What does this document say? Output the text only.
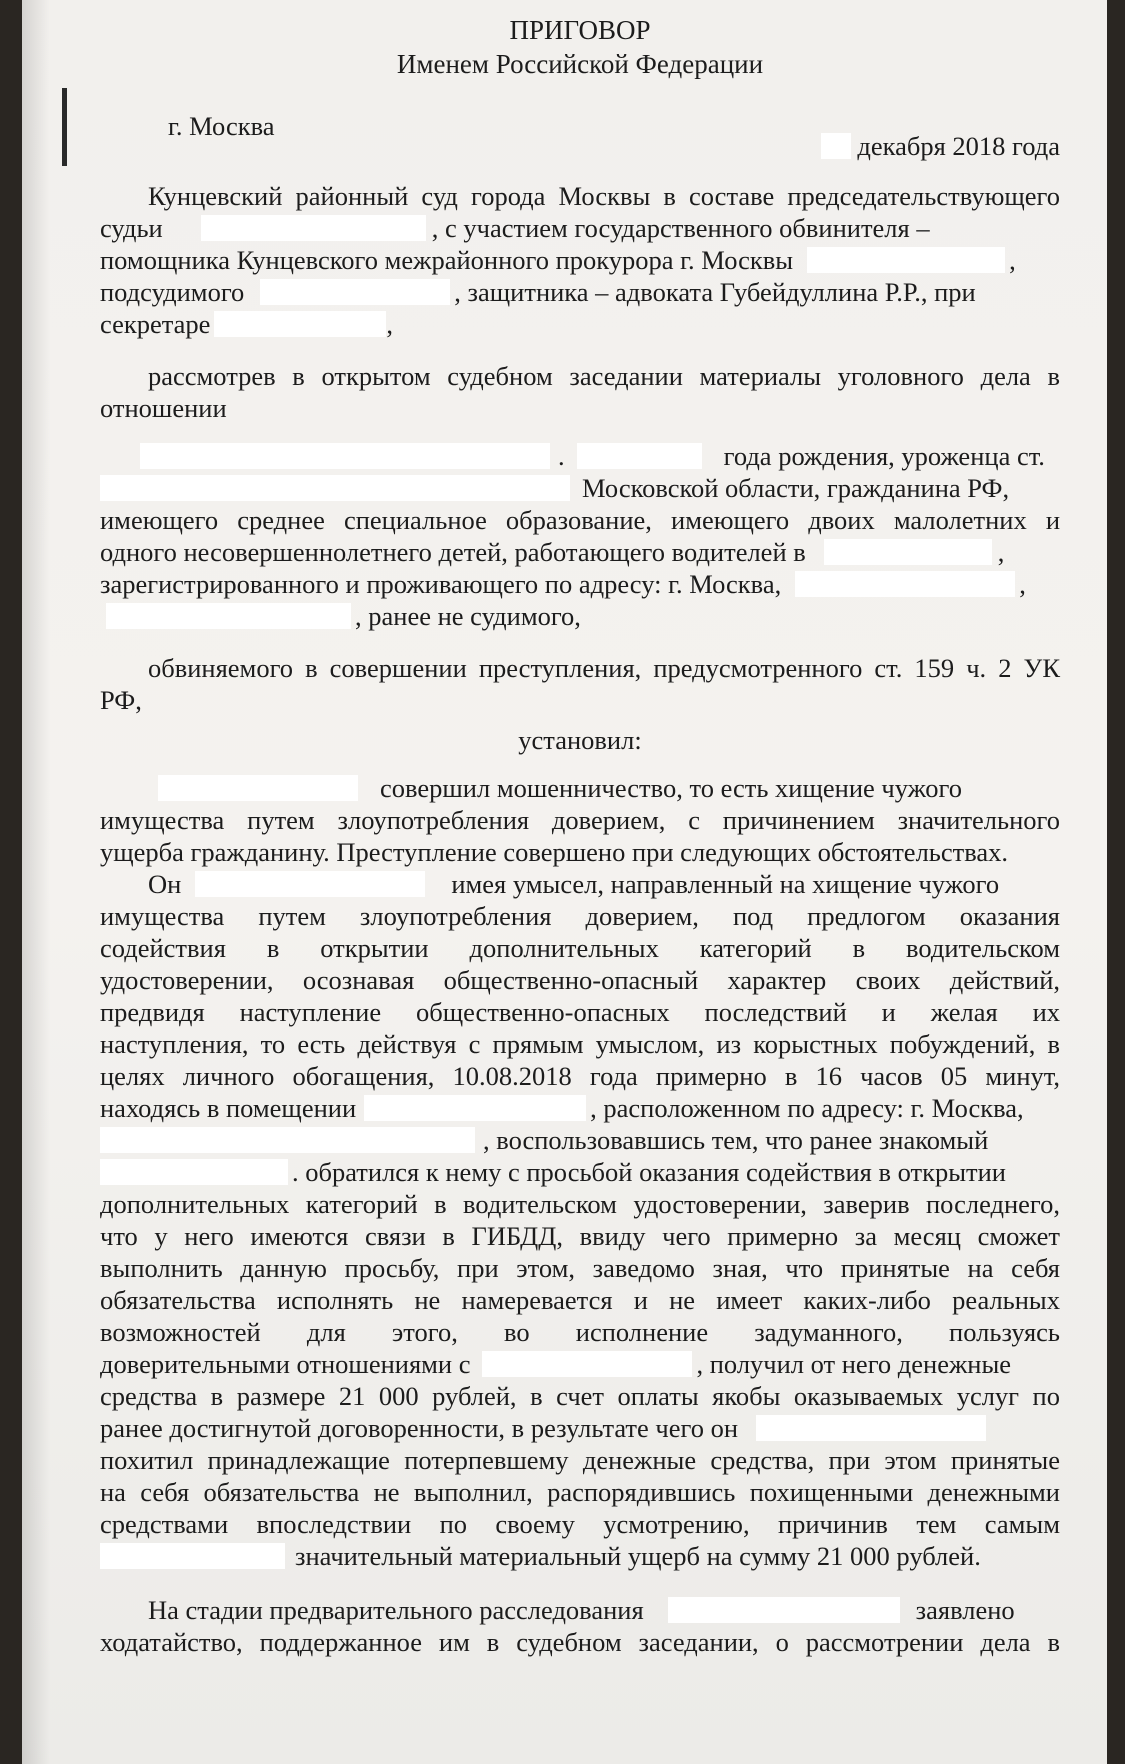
ПРИГОВОР

Именем Российской Федерации

г. Москва

декабря 2018 года

Кунцевский районный суд города Москвы в составе председательствующего

судьи	, с участием государственного обвинителя –

помощника Кунцевского межрайонного прокурора г. Москвы	,

подсудимого	, защитника – адвоката Губейдуллина Р.Р., при

секретаре	,

рассмотрев в открытом судебном заседании материалы уголовного дела в

отношении

.	года рождения, уроженца ст.

Московской области, гражданина РФ,

имеющего среднее специальное образование, имеющего двоих малолетних и

одного несовершеннолетнего детей, работающего водителей в	,

зарегистрированного и проживающего по адресу: г. Москва,	,

, ранее не судимого,

обвиняемого в совершении преступления, предусмотренного ст. 159 ч. 2 УК

РФ,

установил:

совершил мошенничество, то есть хищение чужого

имущества путем злоупотребления доверием, с причинением значительного

ущерба гражданину. Преступление совершено при следующих обстоятельствах.

Он	имея умысел, направленный на хищение чужого

имущества путем злоупотребления доверием, под предлогом оказания

содействия в открытии дополнительных категорий в водительском

удостоверении, осознавая общественно-опасный характер своих действий,

предвидя наступление общественно-опасных последствий и желая их

наступления, то есть действуя с прямым умыслом, из корыстных побуждений, в

целях личного обогащения, 10.08.2018 года примерно в 16 часов 05 минут,

находясь в помещении	, расположенном по адресу: г. Москва,

, воспользовавшись тем, что ранее знакомый

. обратился к нему с просьбой оказания содействия в открытии

дополнительных категорий в водительском удостоверении, заверив последнего,

что у него имеются связи в ГИБДД, ввиду чего примерно за месяц сможет

выполнить данную просьбу, при этом, заведомо зная, что принятые на себя

обязательства исполнять не намеревается и не имеет каких-либо реальных

возможностей для этого, во исполнение задуманного, пользуясь

доверительными отношениями с	, получил от него денежные

средства в размере 21 000 рублей, в счет оплаты якобы оказываемых услуг по

ранее достигнутой договоренности, в результате чего он

похитил принадлежащие потерпевшему денежные средства, при этом принятые

на себя обязательства не выполнил, распорядившись похищенными денежными

средствами впоследствии по своему усмотрению, причинив тем самым

значительный материальный ущерб на сумму 21 000 рублей.

На стадии предварительного расследования	заявлено

ходатайство, поддержанное им в судебном заседании, о рассмотрении дела в
